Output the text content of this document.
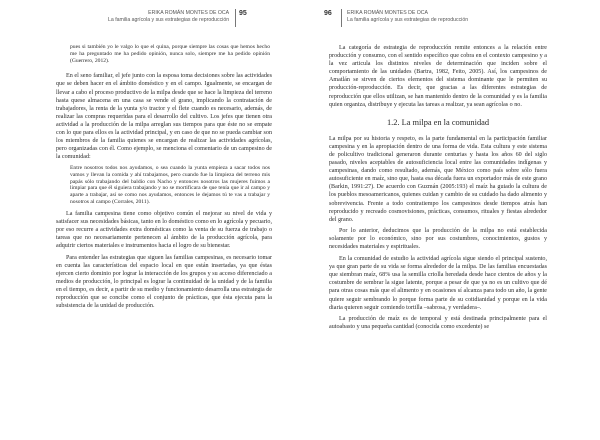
ERIKA ROMÁN MONTES DE OCA
La familia agrícola y sus estrategias de reproducción
95
pues si también yo le valgo lo que el quina, porque siempre las cosas que hemos hecho me ha preguntado me ha pedido opinión, nunca solo, siempre me ha pedido opinión (Guerrero, 2012).

En el seno familiar, el jefe junto con la esposa toma decisiones sobre las actividades que se deben hacer en el ámbito doméstico y en el campo. Igualmente, se encargan de llevar a cabo el proceso productivo de la milpa desde que se hace la limpieza del terreno hasta quese almacena en una casa se vende el grano, implicando la contratación de trabajadores, la renta de la yunta y/o tractor y el flete cuando es necesario, además, de realizar las compras requeridas para el desarrollo del cultivo. Los jefes que tienen otra actividad a la producción de la milpa arreglan sus tiempos para que éste no se empate con lo que para ellos es la actividad principal, y en caso de que no se pueda cambiar son los miembros de la familia quienes se encargan de realizar las actividades agrícolas, pero organizadas con él. Como ejemplo, se menciona el comentario de un campesino de la comunidad:

Entre nosotros todos nos ayudamos, o sea cuando la yunta empieza a sacar todos nos vamos y llevan la comida y ahí trabajamos, pero cuando fue la limpieza del terreno mis papás sólo trabajando del baldío con Nacho y entonces nosotros las mujeres fuimos a limpiar para que él siguiera trabajando y no se mortificara de que tenía que ir al campo y aparte a trabajar, así se como nos ayudamos, entonces le dejamos tú te vas a trabajar y nosotros al campo (Corrales, 2011).

La familia campesina tiene como objetivo común el mejorar su nivel de vida y satisfacer sus necesidades básicas, tanto en lo doméstico como en lo agrícola y pecuario, por eso recurre a actividades extra domésticas como la venta de su fuerza de trabajo o tareas que no necesariamente pertenecen al ámbito de la producción agrícola, para adquirir ciertos materiales e instrumentos hacia el logro de su bienestar.

Para entender las estrategias que siguen las familias campesinas, es necesario tomar en cuenta las características del espacio local en que están insertadas, ya que éstas ejercen cierto dominio por lograr la interacción de los grupos y su acceso diferenciado a medios de producción, lo principal es lograr la continuidad de la unidad y de la familia en el tiempo, es decir, a partir de su medio y funcionamiento desarrolla una estrategia de reproducción que se concibe como el conjunto de prácticas, que ésta ejecuta para la subsistencia de la unidad de producción.

96	ERIKA ROMÁN MONTES DE OCA
La familia agrícola y sus estrategias de reproducción

La categoría de estrategia de reproducción remite entonces a la relación entre producción y consumo, con el sentido específico que cobra en el contexto campesino y a la vez articula los distintos niveles de determinación que inciden sobre el comportamiento de las unidades (Bartra, 1982, Feito, 2005). Así, los campesinos de Amatlán se sirven de ciertos elementos del sistema dominante que le permiten su producción-reproducción. Es decir, que gracias a las diferentes estrategias de reproducción que ellos utilizan, se han mantenido dentro de la comunidad y es la familia quien organiza, distribuye y ejecuta las tareas a realizar, ya sean agrícolas o no.

1.2. La milpa en la comunidad

La milpa por su historia y respeto, es la parte fundamental en la participación familiar campesina y en la apropiación dentro de una forma de vida. Esta cultura y este sistema de policultivo tradicional generaron durante centurias y hasta los años 60 del siglo pasado, niveles aceptables de autosuficiencia local entre las comunidades indígenas y campesinas, dando como resultado, además, que México como país sobre sólo fuera autosuficiente en maíz, sino que, hasta esa década fuera un exportador más de este grano (Barkin, 1991:27). De acuerdo con Guzmán (2005:193) el maíz ha guiado la cultura de los pueblos mesoamericanos, quienes cuidan y cambio de su cuidado ha dado alimento y sobrevivencia. Frente a todo contratiempo los campesinos desde tiempos atrás han reproducido y recreado cosmovisiones, prácticas, consumos, rituales y fiestas alrededor del grano.

Por lo anterior, deducimos que la producción de la milpa no está establecida solamente por lo económico, sino por sus costumbres, conocimientos, gustos y necesidades materiales y espirituales.

En la comunidad de estudio la actividad agrícola sigue siendo el principal sustento, ya que gran parte de su vida se forma alrededor de la milpa. De las familias encuestadas que siembran maíz, 68% usa la semilla criolla heredada desde hace cientos de años y la costumbre de sembrar la sigue latente, porque a pesar de que ya no es un cultivo que dé para otras cosas más que el alimento y en ocasiones sí alcanza para todo un año, la gente quiere seguir sembrando lo porque forma parte de su cotidianidad y porque en la vida diaria quieren seguir comiendo tortilla –sabrosa, y verdadera–.

La producción de maíz es de temporal y está destinada principalmente para el autoabasto y una pequeña cantidad (conocida como excedente) se
